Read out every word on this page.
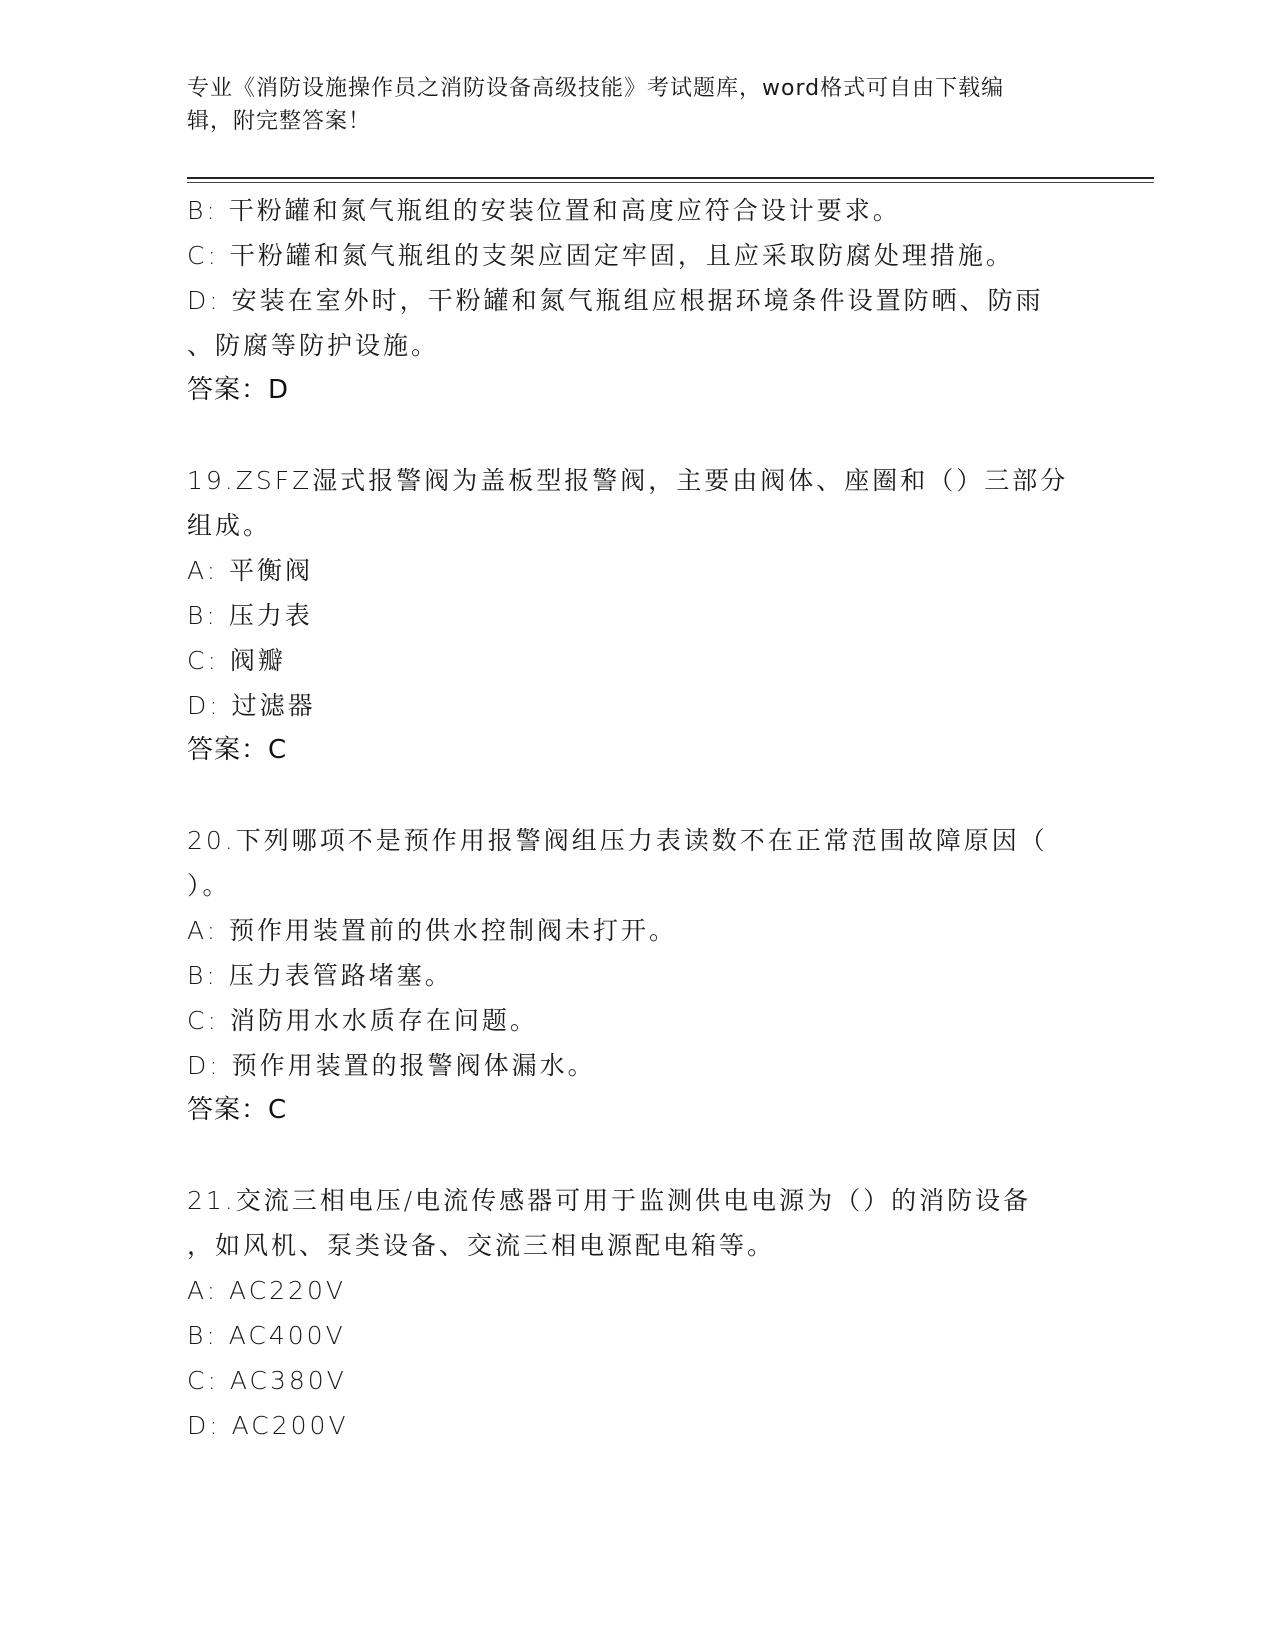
专业《消防设施操作员之消防设备高级技能》考试题库，word格式可自由下载编
辑，附完整答案！
B: 干粉罐和氮气瓶组的安装位置和高度应符合设计要求。
C: 干粉罐和氮气瓶组的支架应固定牢固，且应采取防腐处理措施。
D: 安装在室外时，干粉罐和氮气瓶组应根据环境条件设置防晒、防雨
、防腐等防护设施。
答案：D
19.ZSFZ湿式报警阀为盖板型报警阀，主要由阀体、座圈和（）三部分
组成。
A: 平衡阀
B: 压力表
C: 阀瓣
D: 过滤器
答案：C
20.下列哪项不是预作用报警阀组压力表读数不在正常范围故障原因（
）。
A: 预作用装置前的供水控制阀未打开。
B: 压力表管路堵塞。
C: 消防用水水质存在问题。
D: 预作用装置的报警阀体漏水。
答案：C
21.交流三相电压/电流传感器可用于监测供电电源为（）的消防设备
，如风机、泵类设备、交流三相电源配电箱等。
A: AC220V
B: AC400V
C: AC380V
D: AC200V
